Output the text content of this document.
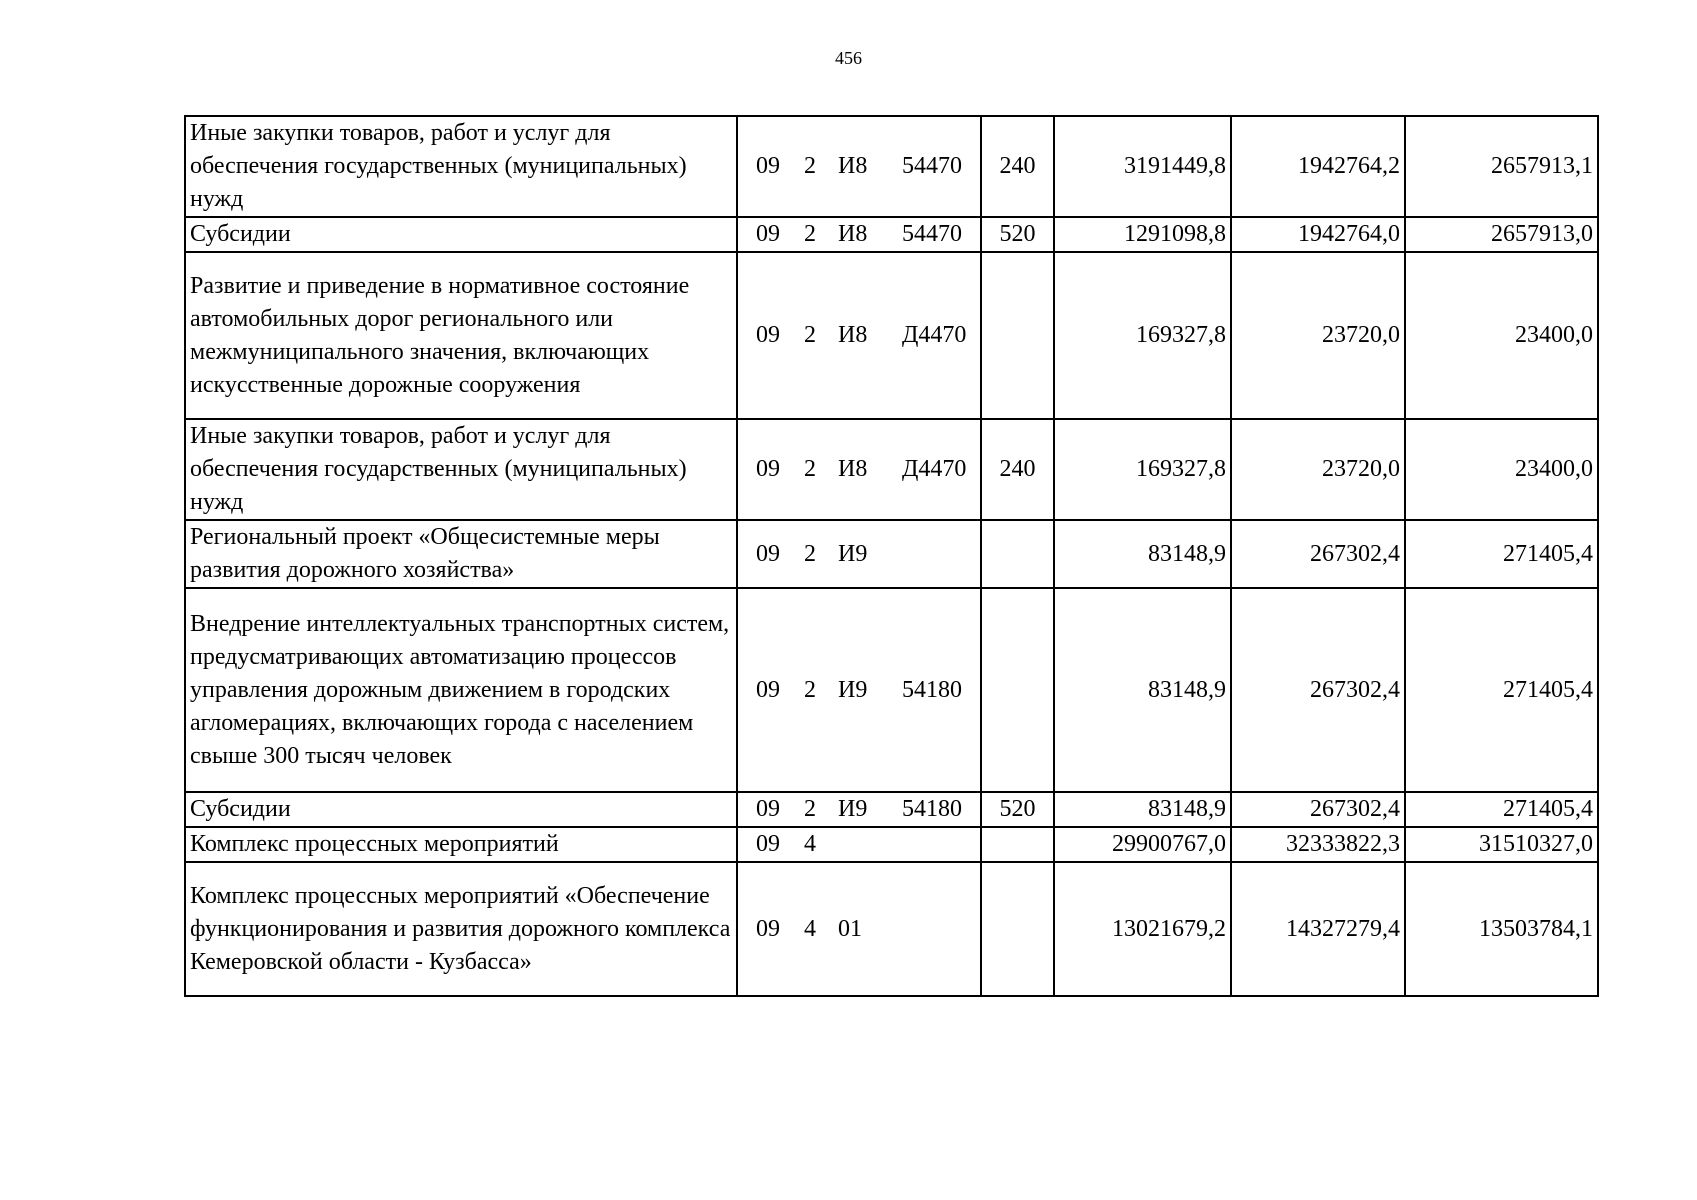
456
Иные закупки товаров, работ и услуг для обеспечения государственных (муниципальных) нужд	09 2 И8 54470	240	3191449,8	1942764,2	2657913,1
Субсидии	09 2 И8 54470	520	1291098,8	1942764,0	2657913,0
Развитие и приведение в нормативное состояние автомобильных дорог регионального или межмуниципального значения, включающих искусственные дорожные сооружения	09 2 И8 Д4470		169327,8	23720,0	23400,0
Иные закупки товаров, работ и услуг для обеспечения государственных (муниципальных) нужд	09 2 И8 Д4470	240	169327,8	23720,0	23400,0
Региональный проект «Общесистемные меры развития дорожного хозяйства»	09 2 И9		83148,9	267302,4	271405,4
Внедрение интеллектуальных транспортных систем, предусматривающих автоматизацию процессов управления дорожным движением в городских агломерациях, включающих города с населением свыше 300 тысяч человек	09 2 И9 54180		83148,9	267302,4	271405,4
Субсидии	09 2 И9 54180	520	83148,9	267302,4	271405,4
Комплекс процессных мероприятий	09 4		29900767,0	32333822,3	31510327,0
Комплекс процессных мероприятий «Обеспечение функционирования и развития дорожного комплекса Кемеровской области - Кузбасса»	09 4 01		13021679,2	14327279,4	13503784,1
